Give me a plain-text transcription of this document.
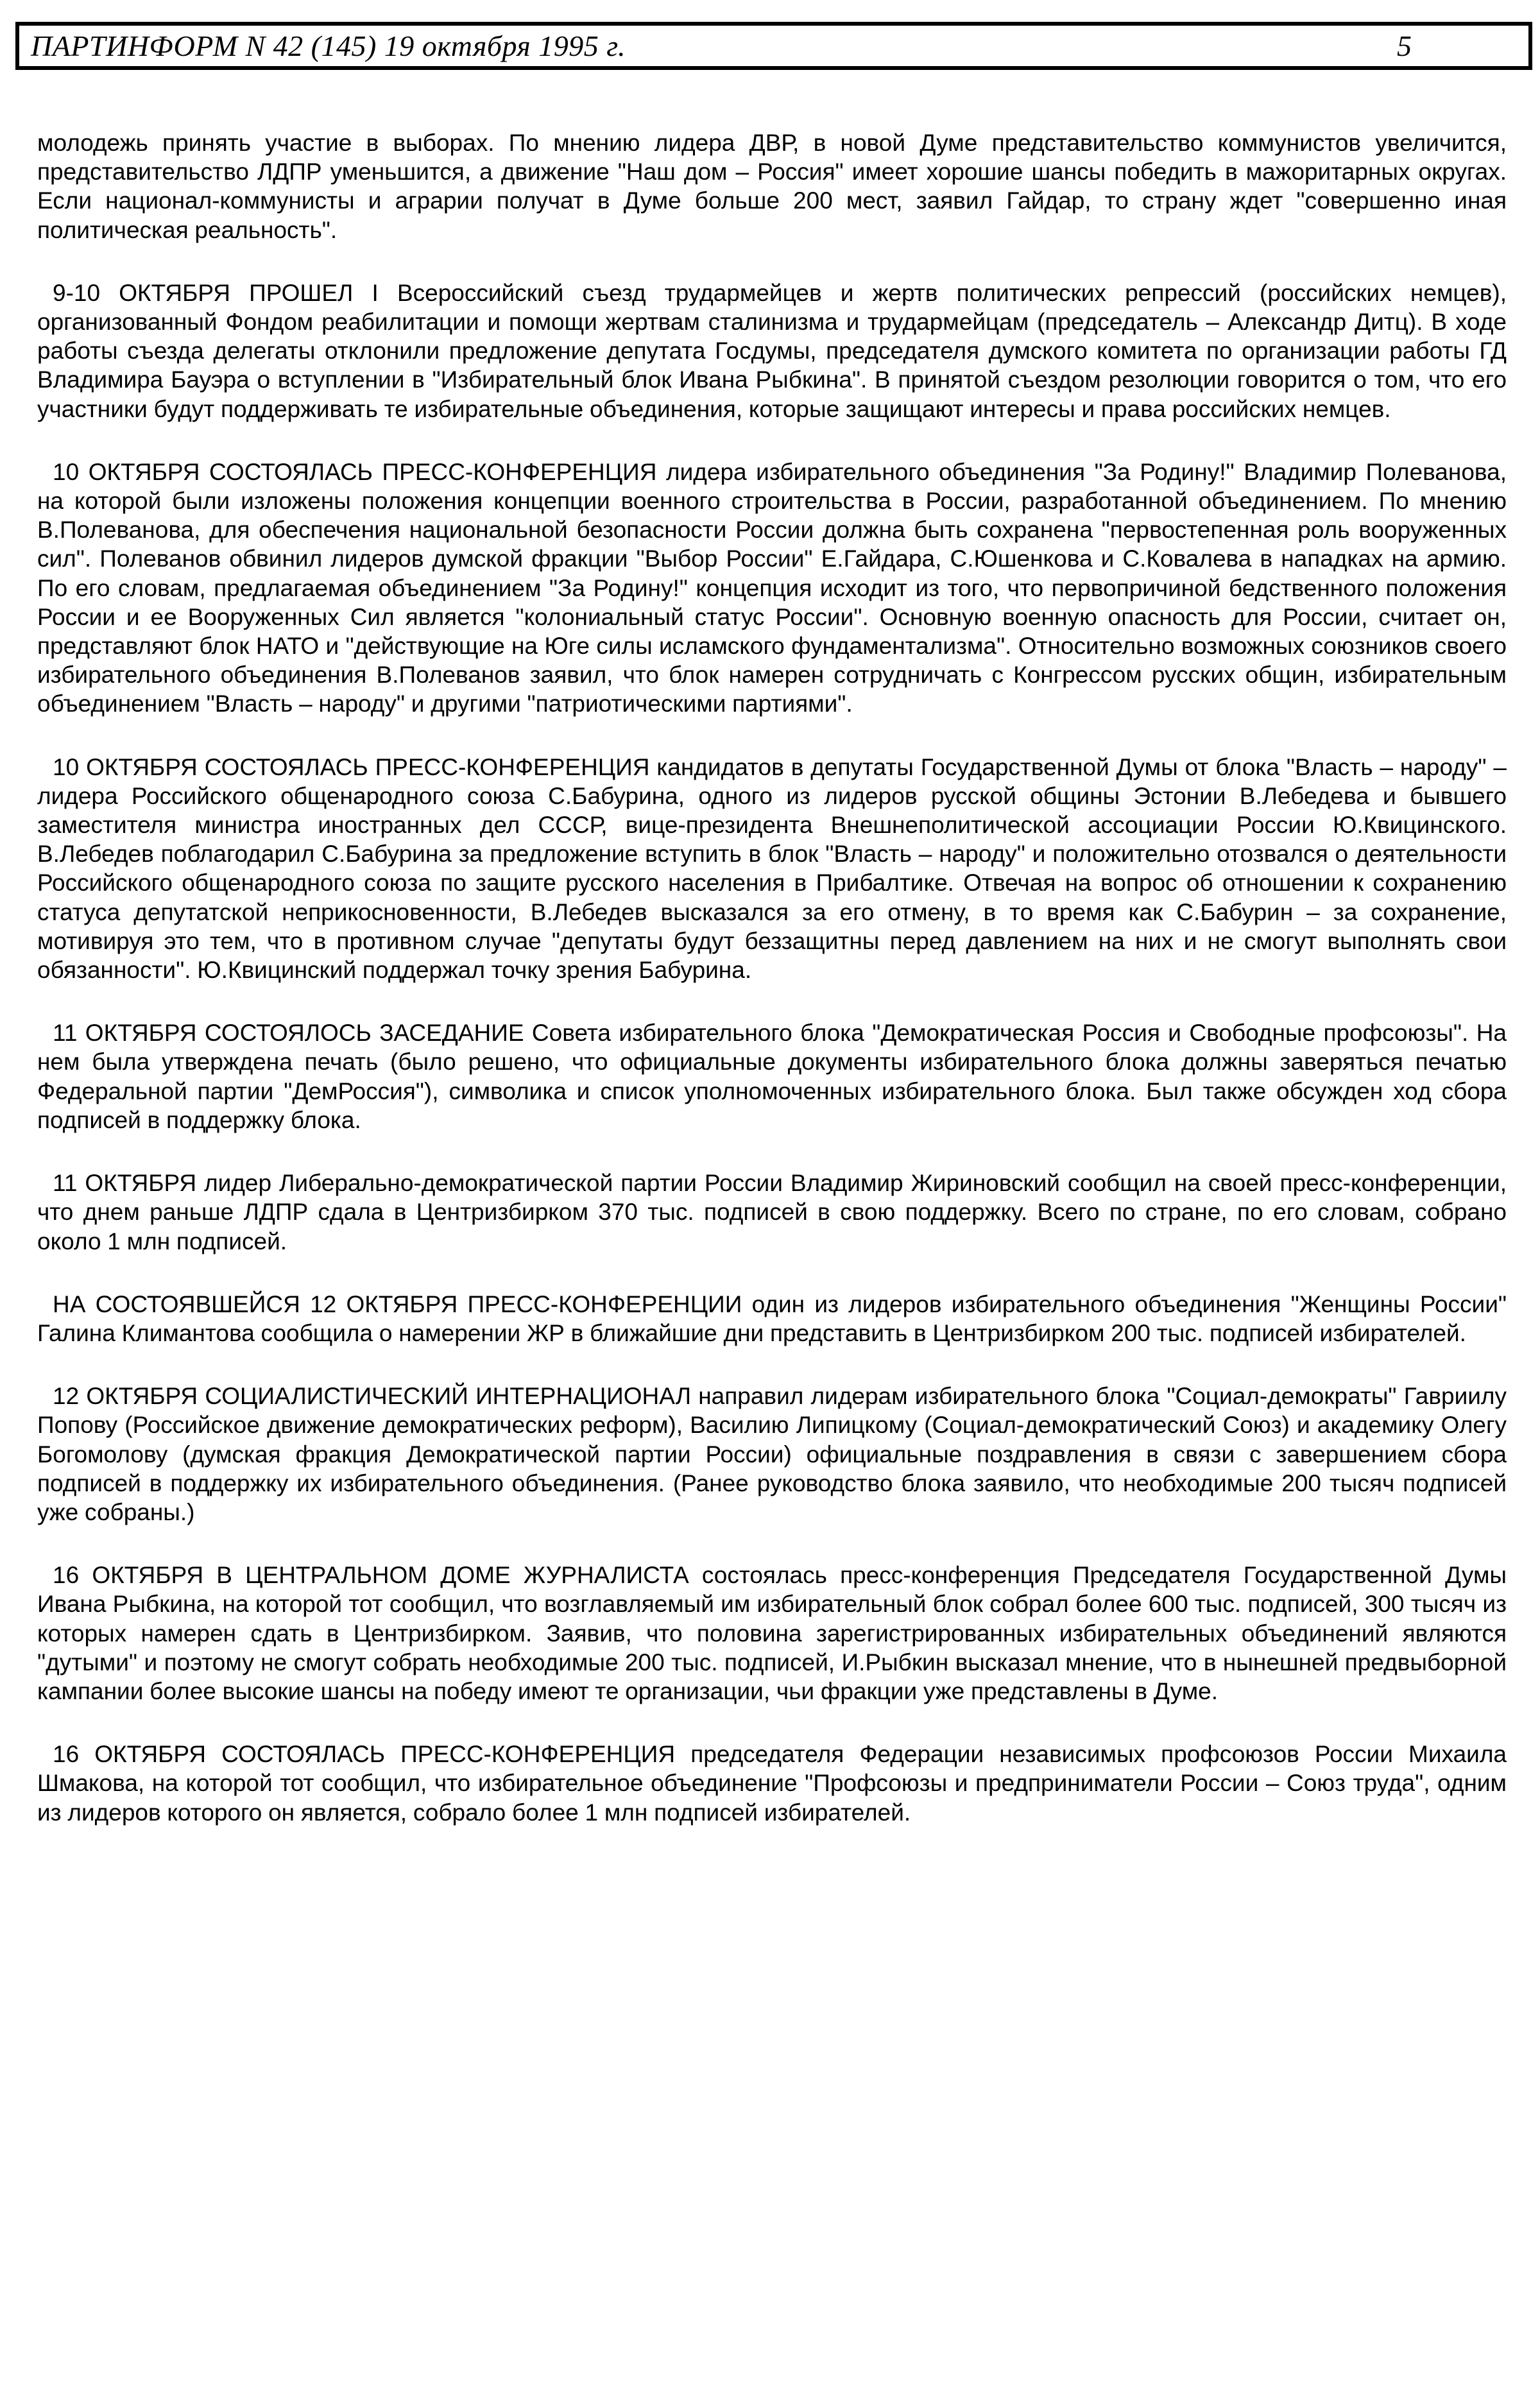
ПАРТИНФОРМ N 42 (145) 19 октября 1995 г.	5

молодежь принять участие в выборах. По мнению лидера ДВР, в новой Думе представительство коммунистов увеличится, представительство ЛДПР уменьшится, а движение "Наш дом – Россия" имеет хорошие шансы победить в мажоритарных округах. Если национал-коммунисты и аграрии получат в Думе больше 200 мест, заявил Гайдар, то страну ждет "совершенно иная политическая реальность".

9-10 ОКТЯБРЯ ПРОШЕЛ I Всероссийский съезд трудармейцев и жертв политических репрессий (российских немцев), организованный Фондом реабилитации и помощи жертвам сталинизма и трудармейцам (председатель – Александр Дитц). В ходе работы съезда делегаты отклонили предложение депутата Госдумы, председателя думского комитета по организации работы ГД Владимира Бауэра о вступлении в "Избирательный блок Ивана Рыбкина". В принятой съездом резолюции говорится о том, что его участники будут поддерживать те избирательные объединения, которые защищают интересы и права российских немцев.

10 ОКТЯБРЯ СОСТОЯЛАСЬ ПРЕСС-КОНФЕРЕНЦИЯ лидера избирательного объединения "За Родину!" Владимир Полеванова, на которой были изложены положения концепции военного строительства в России, разработанной объединением. По мнению В.Полеванова, для обеспечения национальной безопасности России должна быть сохранена "первостепенная роль вооруженных сил". Полеванов обвинил лидеров думской фракции "Выбор России" Е.Гайдара, С.Юшенкова и С.Ковалева в нападках на армию. По его словам, предлагаемая объединением "За Родину!" концепция исходит из того, что первопричиной бедственного положения России и ее Вооруженных Сил является "колониальный статус России". Основную военную опасность для России, считает он, представляют блок НАТО и "действующие на Юге силы исламского фундаментализма". Относительно возможных союзников своего избирательного объединения В.Полеванов заявил, что блок намерен сотрудничать с Конгрессом русских общин, избирательным объединением "Власть – народу" и другими "патриотическими партиями".

10 ОКТЯБРЯ СОСТОЯЛАСЬ ПРЕСС-КОНФЕРЕНЦИЯ кандидатов в депутаты Государственной Думы от блока "Власть – народу" – лидера Российского общенародного союза С.Бабурина, одного из лидеров русской общины Эстонии В.Лебедева и бывшего заместителя министра иностранных дел СССР, вице-президента Внешнеполитической ассоциации России Ю.Квицинского. В.Лебедев поблагодарил С.Бабурина за предложение вступить в блок "Власть – народу" и положительно отозвался о деятельности Российского общенародного союза по защите русского населения в Прибалтике. Отвечая на вопрос об отношении к сохранению статуса депутатской неприкосновенности, В.Лебедев высказался за его отмену, в то время как С.Бабурин – за сохранение, мотивируя это тем, что в противном случае "депутаты будут беззащитны перед давлением на них и не смогут выполнять свои обязанности". Ю.Квицинский поддержал точку зрения Бабурина.

11 ОКТЯБРЯ СОСТОЯЛОСЬ ЗАСЕДАНИЕ Совета избирательного блока "Демократическая Россия и Свободные профсоюзы". На нем была утверждена печать (было решено, что официальные документы избирательного блока должны заверяться печатью Федеральной партии "ДемРоссия"), символика и список уполномоченных избирательного блока. Был также обсужден ход сбора подписей в поддержку блока.

11 ОКТЯБРЯ лидер Либерально-демократической партии России Владимир Жириновский сообщил на своей пресс-конференции, что днем раньше ЛДПР сдала в Центризбирком 370 тыс. подписей в свою поддержку. Всего по стране, по его словам, собрано около 1 млн подписей.

НА СОСТОЯВШЕЙСЯ 12 ОКТЯБРЯ ПРЕСС-КОНФЕРЕНЦИИ один из лидеров избирательного объединения "Женщины России" Галина Климантова сообщила о намерении ЖР в ближайшие дни представить в Центризбирком 200 тыс. подписей избирателей.

12 ОКТЯБРЯ СОЦИАЛИСТИЧЕСКИЙ ИНТЕРНАЦИОНАЛ направил лидерам избирательного блока "Социал-демократы" Гавриилу Попову (Российское движение демократических реформ), Василию Липицкому (Социал-демократический Союз) и академику Олегу Богомолову (думская фракция Демократической партии России) официальные поздравления в связи с завершением сбора подписей в поддержку их избирательного объединения. (Ранее руководство блока заявило, что необходимые 200 тысяч подписей уже собраны.)

16 ОКТЯБРЯ В ЦЕНТРАЛЬНОМ ДОМЕ ЖУРНАЛИСТА состоялась пресс-конференция Председателя Государственной Думы Ивана Рыбкина, на которой тот сообщил, что возглавляемый им избирательный блок собрал более 600 тыс. подписей, 300 тысяч из которых намерен сдать в Центризбирком. Заявив, что половина зарегистрированных избирательных объединений являются "дутыми" и поэтому не смогут собрать необходимые 200 тыс. подписей, И.Рыбкин высказал мнение, что в нынешней предвыборной кампании более высокие шансы на победу имеют те организации, чьи фракции уже представлены в Думе.

16 ОКТЯБРЯ СОСТОЯЛАСЬ ПРЕСС-КОНФЕРЕНЦИЯ председателя Федерации независимых профсоюзов России Михаила Шмакова, на которой тот сообщил, что избирательное объединение "Профсоюзы и предприниматели России – Союз труда", одним из лидеров которого он является, собрало более 1 млн подписей избирателей.
